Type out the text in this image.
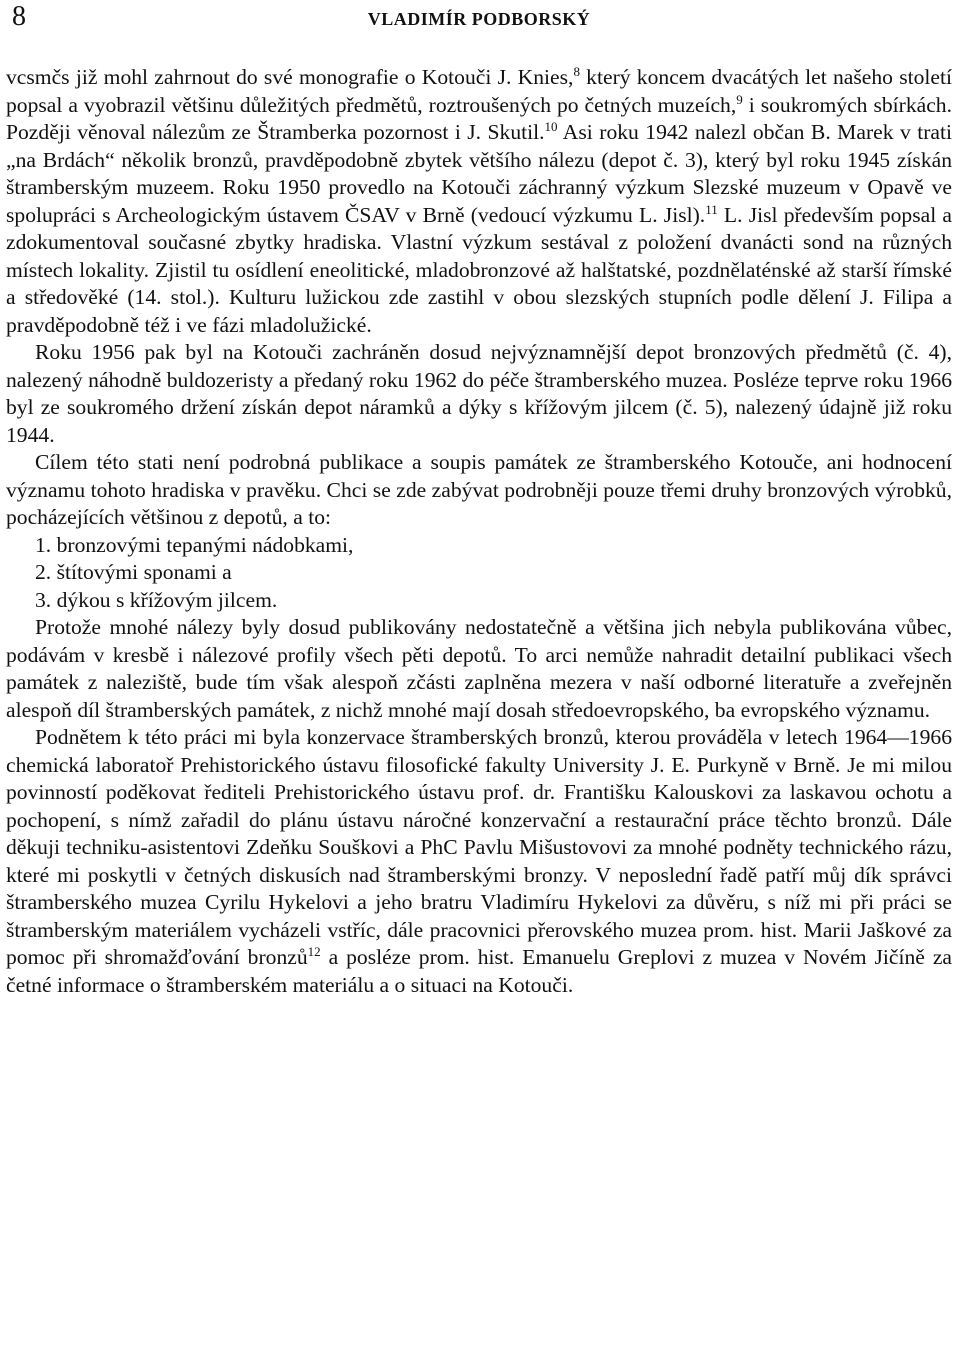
8	VLADIMÍR PODBORSKÝ

vcsmčs již mohl zahrnout do své monografie o Kotouči J. Knies,$^8$ který koncem dvacátých let našeho století popsal a vyobrazil většinu důležitých předmětů, roztroušených po četných muzeích,$^9$ i soukromých sbírkách. Později věnoval nálezům ze Štramberka pozornost i J. Skutil.$^{10}$ Asi roku 1942 nalezl občan B. Marek v trati „na Brdách“ několik bronzů, pravděpodobně zbytek většího nálezu (depot č. 3), který byl roku 1945 získán štramberským muzeem. Roku 1950 provedlo na Kotouči záchranný výzkum Slezské muzeum v Opavě ve spolupráci s Archeologickým ústavem ČSAV v Brně (vedoucí výzkumu L. Jisl).$^{11}$ L. Jisl především popsal a zdokumentoval současné zbytky hradiska. Vlastní výzkum sestával z položení dvanácti sond na různých místech lokality. Zjistil tu osídlení eneolitické, mladobronzové až halštatské, pozdnělaténské až starší římské a středověké (14. stol.). Kulturu lužickou zde zastihl v obou slezských stupních podle dělení J. Filipa a pravděpodobně též i ve fázi mladolužické.

Roku 1956 pak byl na Kotouči zachráněn dosud nejvýznamnější depot bronzových předmětů (č. 4), nalezený náhodně buldozeristy a předaný roku 1962 do péče štramberského muzea. Posléze teprve roku 1966 byl ze soukromého držení získán depot náramků a dýky s křížovým jilcem (č. 5), nalezený údajně již roku 1944.

Cílem této stati není podrobná publikace a soupis památek ze štramberského Kotouče, ani hodnocení významu tohoto hradiska v pravěku. Chci se zde zabývat podrobněji pouze třemi druhy bronzových výrobků, pocházejících většinou z depotů, a to:

1. bronzovými tepanými nádobkami,
2. štítovými sponami a
3. dýkou s křížovým jilcem.

Protože mnohé nálezy byly dosud publikovány nedostatečně a většina jich nebyla publikována vůbec, podávám v kresbě i nálezové profily všech pěti depotů. To arci nemůže nahradit detailní publikaci všech památek z naleziště, bude tím však alespoň zčásti zaplněna mezera v naší odborné literatuře a zveřejněn alespoň díl štramberských památek, z nichž mnohé mají dosah středoevropského, ba evropského významu.

Podnětem k této práci mi byla konzervace štramberských bronzů, kterou prováděla v letech 1964—1966 chemická laboratoř Prehistorického ústavu filosofické fakulty University J. E. Purkyně v Brně. Je mi milou povinností poděkovat řediteli Prehistorického ústavu prof. dr. Františku Kalouskovi za laskavou ochotu a pochopení, s nímž zařadil do plánu ústavu náročné konzervační a restaurační práce těchto bronzů. Dále děkuji techniku-asistentovi Zdeňku Souškovi a PhC Pavlu Mišustovovi za mnohé podněty technického rázu, které mi poskytli v četných diskusích nad štramberskými bronzy. V neposlední řadě patří můj dík správci štramberského muzea Cyrilu Hykelovi a jeho bratru Vladimíru Hykelovi za důvěru, s níž mi při práci se štramberským materiálem vycházeli vstříc, dále pracovnici přerovského muzea prom. hist. Marii Jaškové za pomoc při shromažďování bronzů$^{12}$ a posléze prom. hist. Emanuelu Greplovi z muzea v Novém Jičíně za četné informace o štramberském materiálu a o situaci na Kotouči.
